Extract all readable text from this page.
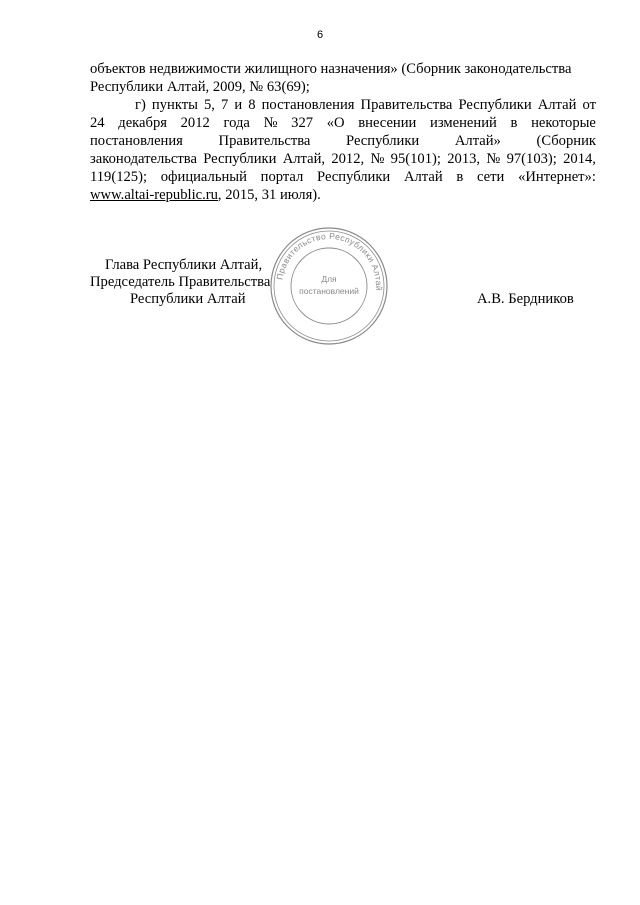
6
объектов недвижимости жилищного назначения» (Сборник законодательства
Республики Алтай, 2009, № 63(69);
г) пункты 5, 7 и 8 постановления Правительства Республики Алтай от
24 декабря 2012 года № 327 «О внесении изменений в некоторые
постановления Правительства Республики Алтай» (Сборник
законодательства Республики Алтай, 2012, № 95(101); 2013, № 97(103); 2014,
119(125); официальный портал Республики Алтай в сети «Интернет»:
www.altai-republic.ru, 2015, 31 июля).
Глава Республики Алтай,
Председатель Правительства
Республики Алтай	А.В. Бердников
Правительство Республики Алтай
Для
постановлений
